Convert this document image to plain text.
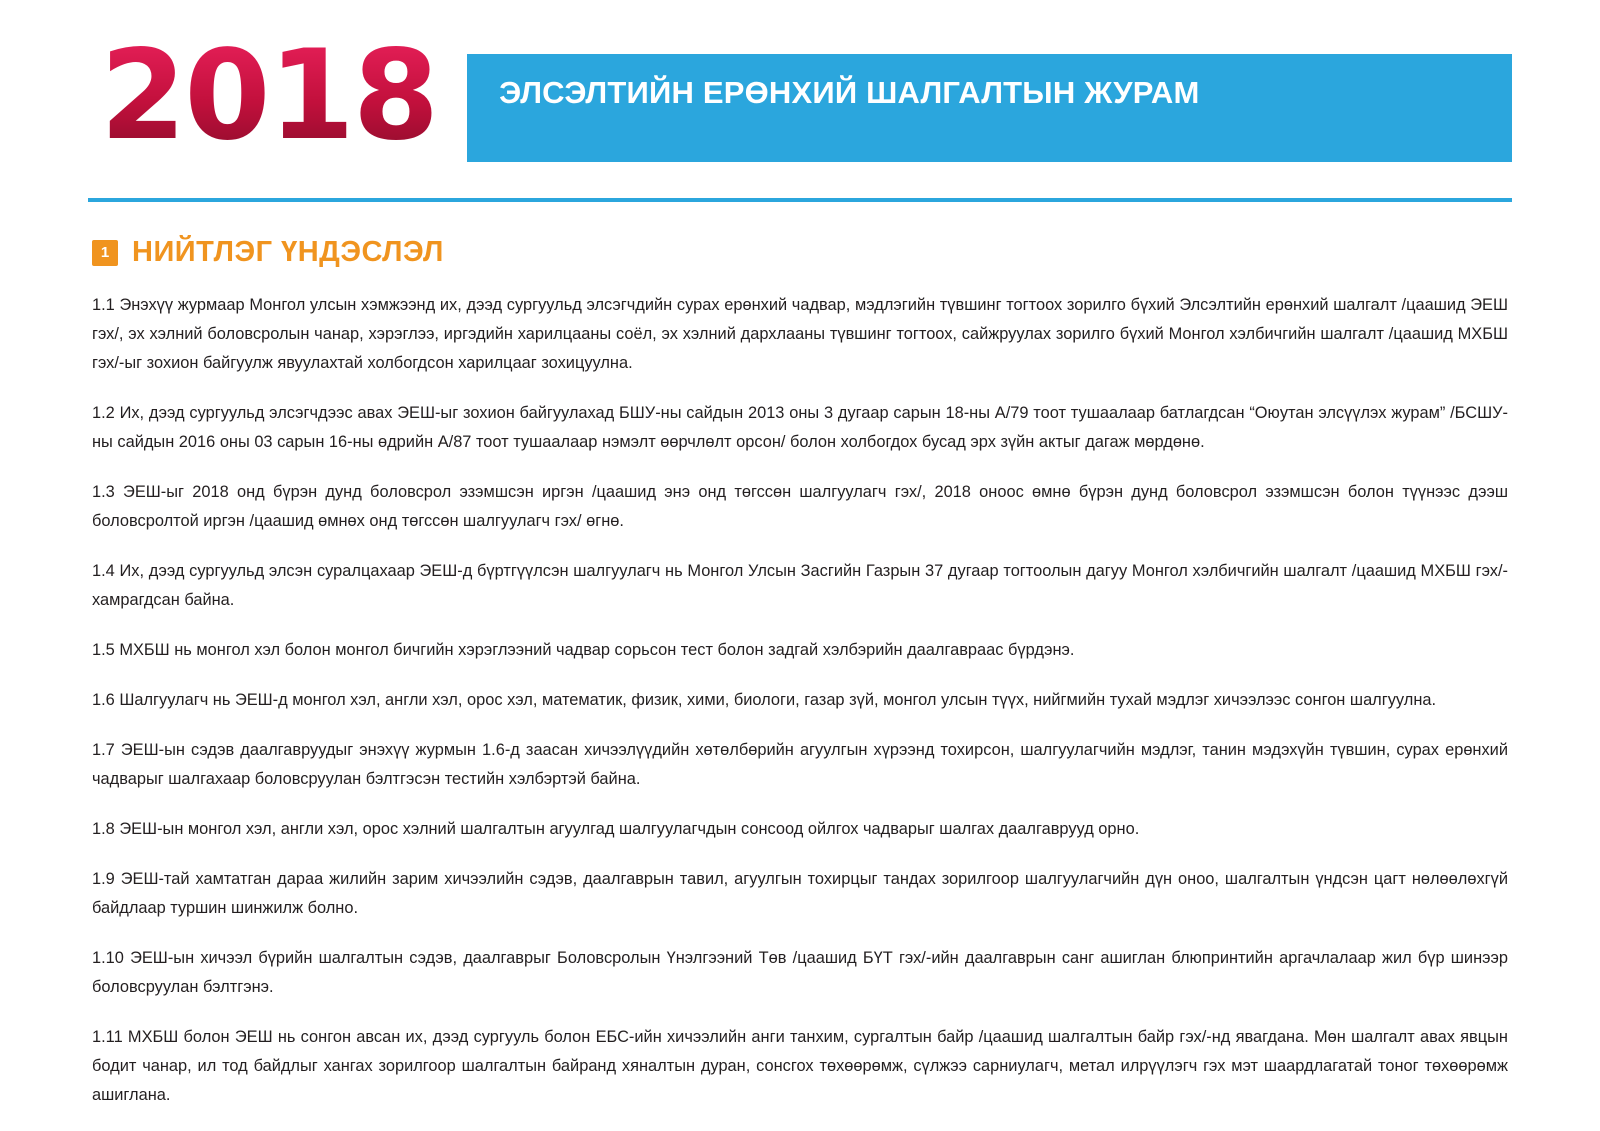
2018	ЭЛСЭЛТИЙН ЕРӨНХИЙ ШАЛГАЛТЫН ЖУРАМ
1 НИЙТЛЭГ ҮНДЭСЛЭЛ

1.1 Энэхүү журмаар Монгол улсын хэмжээнд их, дээд сургуульд элсэгчдийн сурах ерөнхий чадвар, мэдлэгийн түвшинг тогтоох зорилго бүхий Элсэлтийн ерөнхий шалгалт /цаашид ЭЕШ гэх/, эх хэлний боловсролын чанар, хэрэглээ, иргэдийн харилцааны соёл, эх хэлний дархлааны түвшинг тогтоох, сайжруулах зорилго бүхий Монгол хэлбичгийн шалгалт /цаашид МХБШ гэх/-ыг зохион байгуулж явуулахтай холбогдсон харилцааг зохицуулна.

1.2 Их, дээд сургуульд элсэгчдээс авах ЭЕШ-ыг зохион байгуулахад БШУ-ны сайдын 2013 оны 3 дугаар сарын 18-ны А/79 тоот тушаалаар батлагдсан “Оюутан элсүүлэх журам” /БСШУ-ны сайдын 2016 оны 03 сарын 16-ны өдрийн А/87 тоот тушаалаар нэмэлт өөрчлөлт орсон/ болон холбогдох бусад эрх зүйн актыг дагаж мөрдөнө.

1.3 ЭЕШ-ыг 2018 онд бүрэн дунд боловсрол эзэмшсэн иргэн /цаашид энэ онд төгссөн шалгуулагч гэх/, 2018 оноос өмнө бүрэн дунд боловсрол эзэмшсэн болон түүнээс дээш боловсролтой иргэн /цаашид өмнөх онд төгссөн шалгуулагч гэх/ өгнө.

1.4 Их, дээд сургуульд элсэн суралцахаар ЭЕШ-д бүртгүүлсэн шалгуулагч нь Монгол Улсын Засгийн Газрын 37 дугаар тогтоолын дагуу Монгол хэлбичгийн шалгалт /цаашид МХБШ гэх/-хамрагдсан байна.

1.5 МХБШ нь монгол хэл болон монгол бичгийн хэрэглээний чадвар сорьсон тест болон задгай хэлбэрийн даалгавраас бүрдэнэ.

1.6 Шалгуулагч нь ЭЕШ-д монгол хэл, англи хэл, орос хэл, математик, физик, хими, биологи, газар зүй, монгол улсын түүх, нийгмийн тухай мэдлэг хичээлээс сонгон шалгуулна.

1.7 ЭЕШ-ын сэдэв даалгавруудыг энэхүү журмын 1.6-д заасан хичээлүүдийн хөтөлбөрийн агуулгын хүрээнд тохирсон, шалгуулагчийн мэдлэг, танин мэдэхүйн түвшин, сурах ерөнхий чадварыг шалгахаар боловсруулан бэлтгэсэн тестийн хэлбэртэй байна.

1.8 ЭЕШ-ын монгол хэл, англи хэл, орос хэлний шалгалтын агуулгад шалгуулагчдын сонсоод ойлгох чадварыг шалгах даалгаврууд орно.

1.9 ЭЕШ-тай хамтатган дараа жилийн зарим хичээлийн сэдэв, даалгаврын тавил, агуулгын тохирцыг тандах зорилгоор шалгуулагчийн дүн оноо, шалгалтын үндсэн цагт нөлөөлөхгүй байдлаар туршин шинжилж болно.

1.10 ЭЕШ-ын хичээл бүрийн шалгалтын сэдэв, даалгаврыг Боловсролын Үнэлгээний Төв /цаашид БҮТ гэх/-ийн даалгаврын санг ашиглан блюпринтийн аргачлалаар жил бүр шинээр боловсруулан бэлтгэнэ.

1.11 МХБШ болон ЭЕШ нь сонгон авсан их, дээд сургууль болон ЕБС-ийн хичээлийн анги танхим, сургалтын байр /цаашид шалгалтын байр гэх/-нд явагдана. Мөн шалгалт авах явцын бодит чанар, ил тод байдлыг хангах зорилгоор шалгалтын байранд хяналтын дуран, сонсгох төхөөрөмж, сүлжээ сарниулагч, метал илрүүлэгч гэх мэт шаардлагатай тоног төхөөрөмж ашиглана.
